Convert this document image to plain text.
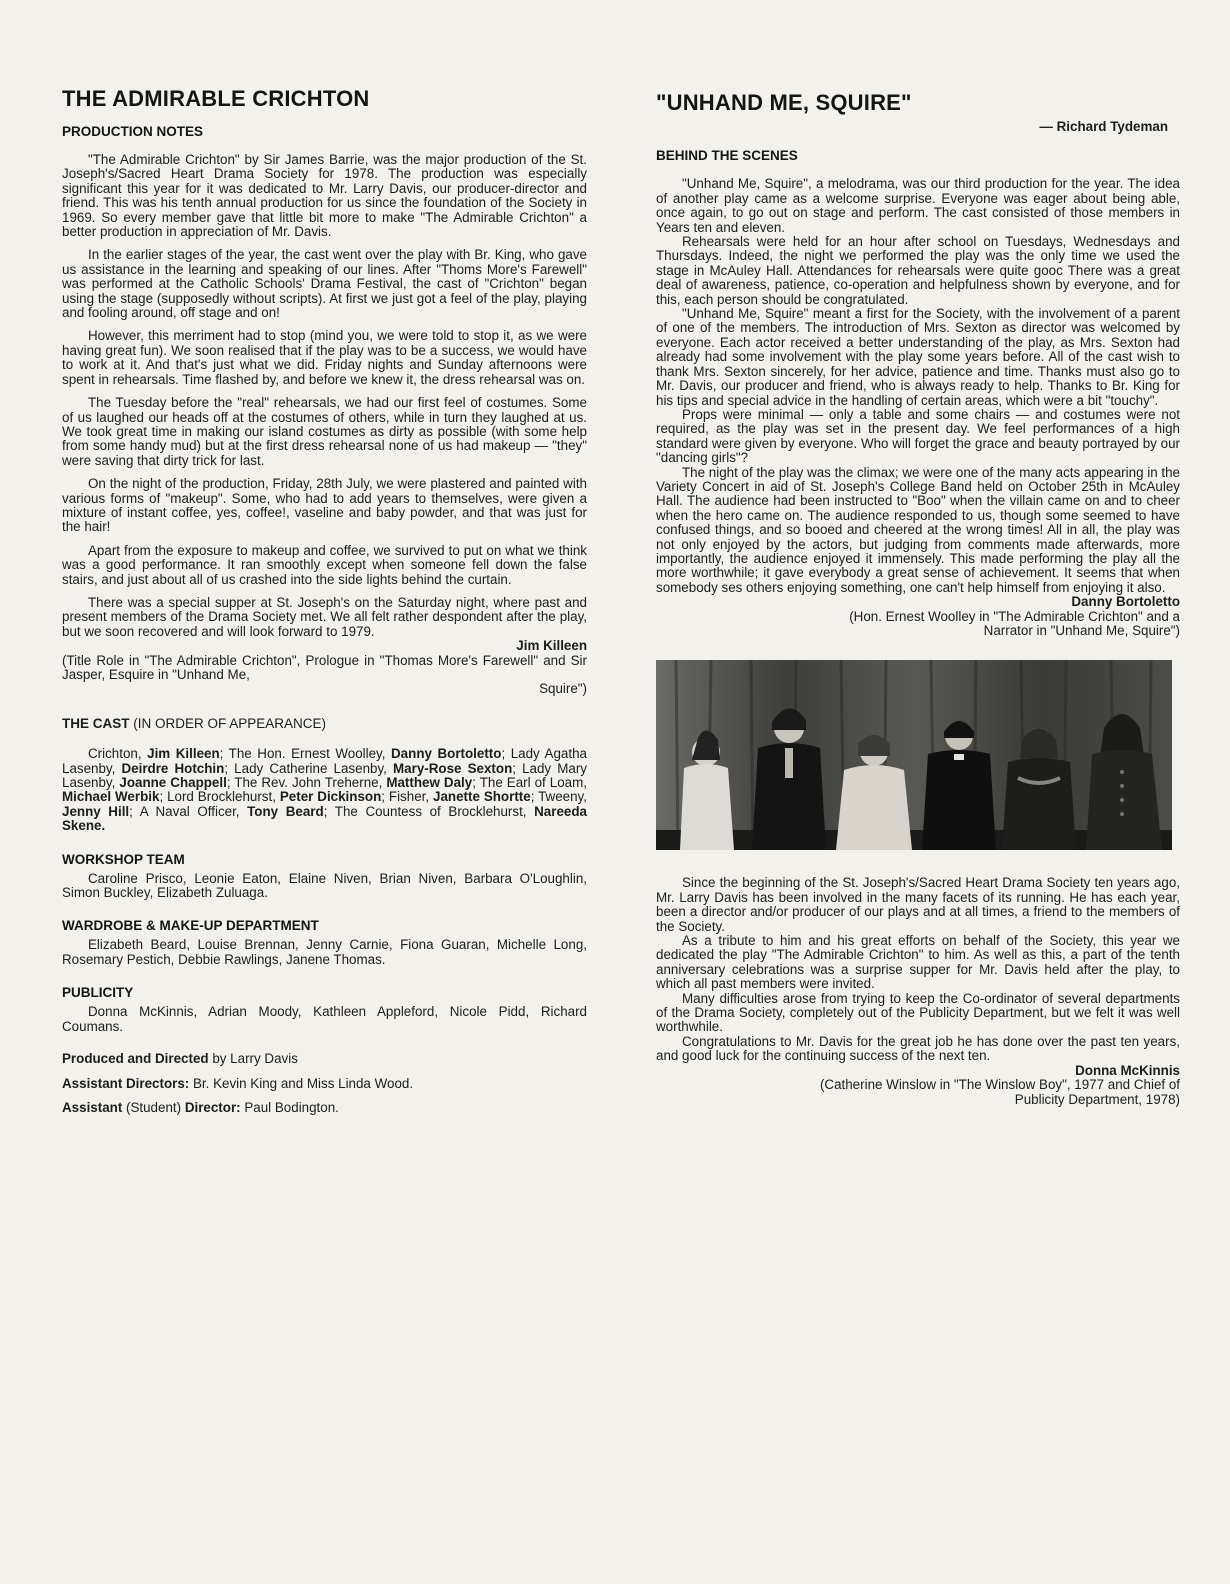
THE ADMIRABLE CRICHTON
PRODUCTION NOTES

"The Admirable Crichton" by Sir James Barrie, was the major production of the St. Joseph's/Sacred Heart Drama Society for 1978. The production was especially significant this year for it was dedicated to Mr. Larry Davis, our producer-director and friend. This was his tenth annual production for us since the foundation of the Society in 1969. So every member gave that little bit more to make "The Admirable Crichton" a better production in appreciation of Mr. Davis.

In the earlier stages of the year, the cast went over the play with Br. King, who gave us assistance in the learning and speaking of our lines. After "Thoms More's Farewell" was performed at the Catholic Schools' Drama Festival, the cast of "Crichton" began using the stage (supposedly without scripts). At first we just got a feel of the play, playing and fooling around, off stage and on!

However, this merriment had to stop (mind you, we were told to stop it, as we were having great fun). We soon realised that if the play was to be a success, we would have to work at it. And that's just what we did. Friday nights and Sunday afternoons were spent in rehearsals. Time flashed by, and before we knew it, the dress rehearsal was on.

The Tuesday before the "real" rehearsals, we had our first feel of costumes. Some of us laughed our heads off at the costumes of others, while in turn they laughed at us. We took great time in making our island costumes as dirty as possible (with some help from some handy mud) but at the first dress rehearsal none of us had makeup — "they" were saving that dirty trick for last.

On the night of the production, Friday, 28th July, we were plastered and painted with various forms of "makeup". Some, who had to add years to themselves, were given a mixture of instant coffee, yes, coffee!, vaseline and baby powder, and that was just for the hair!

Apart from the exposure to makeup and coffee, we survived to put on what we think was a good performance. It ran smoothly except when someone fell down the false stairs, and just about all of us crashed into the side lights behind the curtain.

There was a special supper at St. Joseph's on the Saturday night, where past and present members of the Drama Society met. We all felt rather despondent after the play, but we soon recovered and will look forward to 1979.

Jim Killeen

(Title Role in "The Admirable Crichton", Prologue in "Thomas More's Farewell" and Sir Jasper, Esquire in "Unhand Me,

Squire")
THE CAST (IN ORDER OF APPEARANCE)

Crichton, Jim Killeen; The Hon. Ernest Woolley, Danny Bortoletto; Lady Agatha Lasenby, Deirdre Hotchin; Lady Catherine Lasenby, Mary-Rose Sexton; Lady Mary Lasenby, Joanne Chappell; The Rev. John Treherne, Matthew Daly; The Earl of Loam, Michael Werbik; Lord Brocklehurst, Peter Dickinson; Fisher, Janette Shortte; Tweeny, Jenny Hill; A Naval Officer, Tony Beard; The Countess of Brocklehurst, Nareeda Skene.

WORKSHOP TEAM

Caroline Prisco, Leonie Eaton, Elaine Niven, Brian Niven, Barbara O'Loughlin, Simon Buckley, Elizabeth Zuluaga.

WARDROBE & MAKE-UP DEPARTMENT

Elizabeth Beard, Louise Brennan, Jenny Carnie, Fiona Guaran, Michelle Long, Rosemary Pestich, Debbie Rawlings, Janene Thomas.

PUBLICITY

Donna McKinnis, Adrian Moody, Kathleen Appleford, Nicole Pidd, Richard Coumans.

Produced and Directed by Larry Davis
Assistant Directors: Br. Kevin King and Miss Linda Wood.
Assistant (Student) Director: Paul Bodington.
"UNHAND ME, SQUIRE"
— Richard Tydeman
BEHIND THE SCENES

"Unhand Me, Squire", a melodrama, was our third production for the year. The idea of another play came as a welcome surprise. Everyone was eager about being able, once again, to go out on stage and perform. The cast consisted of those members in Years ten and eleven.

Rehearsals were held for an hour after school on Tuesdays, Wednesdays and Thursdays. Indeed, the night we performed the play was the only time we used the stage in McAuley Hall. Attendances for rehearsals were quite gooc There was a great deal of awareness, patience, co-operation and helpfulness shown by everyone, and for this, each person should be congratulated.

"Unhand Me, Squire" meant a first for the Society, with the involvement of a parent of one of the members. The introduction of Mrs. Sexton as director was welcomed by everyone. Each actor received a better understanding of the play, as Mrs. Sexton had already had some involvement with the play some years before. All of the cast wish to thank Mrs. Sexton sincerely, for her advice, patience and time. Thanks must also go to Mr. Davis, our producer and friend, who is always ready to help. Thanks to Br. King for his tips and special advice in the handling of certain areas, which were a bit "touchy".

Props were minimal — only a table and some chairs — and costumes were not required, as the play was set in the present day. We feel performances of a high standard were given by everyone. Who will forget the grace and beauty portrayed by our "dancing girls"?

The night of the play was the climax; we were one of the many acts appearing in the Variety Concert in aid of St. Joseph's College Band held on October 25th in McAuley Hall. The audience had been instructed to "Boo" when the villain came on and to cheer when the hero came on. The audience responded to us, though some seemed to have confused things, and so booed and cheered at the wrong times! All in all, the play was not only enjoyed by the actors, but judging from comments made afterwards, more importantly, the audience enjoyed it immensely. This made performing the play all the more worthwhile; it gave everybody a great sense of achievement. It seems that when somebody ses others enjoying something, one can't help himself from enjoying it also.

Danny Bortoletto
(Hon. Ernest Woolley in "The Admirable Crichton" and a
Narrator in "Unhand Me, Squire")

Since the beginning of the St. Joseph's/Sacred Heart Drama Society ten years ago, Mr. Larry Davis has been involved in the many facets of its running. He has each year, been a director and/or producer of our plays and at all times, a friend to the members of the Society.

As a tribute to him and his great efforts on behalf of the Society, this year we dedicated the play "The Admirable Crichton" to him. As well as this, a part of the tenth anniversary celebrations was a surprise supper for Mr. Davis held after the play, to which all past members were invited.

Many difficulties arose from trying to keep the Co-ordinator of several departments of the Drama Society, completely out of the Publicity Department, but we felt it was well worthwhile.

Congratulations to Mr. Davis for the great job he has done over the past ten years, and good luck for the continuing success of the next ten.

Donna McKinnis
(Catherine Winslow in "The Winslow Boy", 1977 and Chief of
Publicity Department, 1978)
